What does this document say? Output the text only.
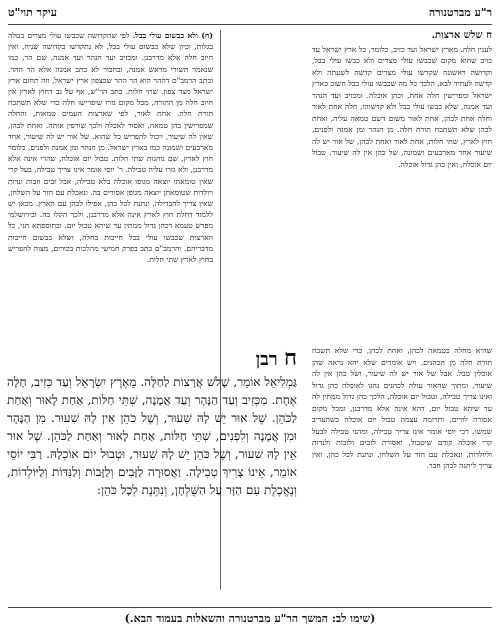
ר"ע מברטנורה
עיקר תוי"ט
ח שלש ארצות.
לענין חלה. מארץ ישראל ועד כזיב, כלומר, כל ארץ ישראל עד כזיב שהוא מקום שכבשו עולי מצרים ולא כבשו עולי בבל, וקדושה ראשונה שקדשו עולי מצרים קדשה לשעתה ולא קדשה לעתיד לבא, הלכך כל מה שכבשו עולי בבל חשוב כארץ ישראל ומפרישין חלה אחת, וכהן אוכלה. ומכזיב ועד הנהר ועד אמנה, שלא כבשו עולי בבל ולא קדשוהו, חלה אחת לאור וחלה אחת לכהן, אחת לאור משום דשם טמאה עליה, ואחת לכהן שלא תשתכח תורת חלה. מן הנהר ומן אמנה ולפנים, חוץ לארץ, שתי חלות, אחת לאור ואחת לכהן, של אור יש לה שיעור אחד מארבעים ושמונה, של כהן אין לה שיעור. טבול יום אוכלה, ואין כהן גדול אוכלה.
(ח) ולא כבשום עולי בבל. לפי שהקדושה שכבשו עולי מצרים בטלה בגלות, וכיון שלא כבשום עולי בבל, לא נתקדשו בקדושה שניה, ואין חיוב חלה אלא מדרבנן. ומכזיב ועד הנהר ועד אמנה, שם הר, כמו שנאמר תשורי מראש אמנה, ובחבור לא כתב אמנה אלא הר ההר. וכתב הרמב"ם דההר הוא הר ההר שבצפון ארץ ישראל, וזה תחום ארץ ישראל מצד צפון. שתי חלות. כתב הר"ש, אף על גב דחוץ לארץ אין חיוב חלה מן התורה, מכל מקום גזרו שיפרישו חלה כדי שלא תשתכח תורת חלה. אחת לאור, לפי שארצות העמים טמאות, והחלה שמפרישין בהן טמאה, ואסור לאכלה ולכך שורפין אותה. ואחת לכהן, שאין לה שיעור, ויכול להפריש כל שהוא. של אור יש לה שיעור, אחד מארבעים ושמונה כמו בארץ ישראל. מן הנהר ומן אמנה ולפנים, כלומר חוץ לארץ, שם נוהגות שתי חלות. טבול יום אוכלה, שהרי אינה אלא מדרבנן, ולא גזרו עליה טבילה. ר' יוסי אומר אינו צריך טבילה, בעל קרי שאין טומאתו יוצאה מגופו אוכלה בלא טבילה, אבל זבים וזבות ונדות ויולדות שטומאתן יוצאה מגופן אסורים בה. ונאכלת עם הזר על השלחן, שאין צריך להבדילה, ונתנת לכל כהן, אפילו לכהן עם הארץ. מכאן יש ללמוד דחלת חוץ לארץ אינה אלא מדרבנן, ולכך הקלו בה. ובירושלמי מפרש טעמא דכהן גדול ממתין עד שיהא טבול יום. ובתוספתא תני, כל הארצות שכבשו עולי בבל חייבות בחלה, ושלא כבשום חייבות מדבריהם. והרמב"ם כתב בפרק חמישי מהלכות בכורים, מצוה להפריש בחוץ לארץ שתי חלות.
שהיא מחלה כטמאה לכהן, ואחת לכהן, כדי שלא תשכח תורת חלה מן הכהנים. ויש אומרים שלא יהא נראה שהן אוכלין טבל. אבל של אור יש לה שיעור, ושל כהן אין לה שיעור, ומתוך שהאור עולה לכהנים נהגו לאוכלה כהן גדול ואינו צריך טבילה, וטבול יום אוכלה, הלכך כהן גדול ממתין לה עד שיהא טבול יום, דהא אינה אלא מדרבנן, ומכל מקום אסורה לזרים, ותרומה עצמה טבול יום אוכלה כשהעריב שמשו. רבי יוסי אומר אינו צריך טבילה, ומהני טבילה לבעל קרי אוכלה קודם שיטבול, ואסורה לזבים ולזבות ולנדות וליולדות, ונאכלת עם הזר על השלחן, ונתנת לכל כהן, ואין צריך ליתנה לכהן חבר.
ח רבן
גַּמְלִיאֵל אוֹמֵר, שָׁלֹשׁ אֲרָצוֹת לַחַלָּה. מֵאֶרֶץ יִשְׂרָאֵל וְעַד כְּזִיב, חַלָּה אֶחָת. מִכְּזִיב וְעַד הַנָּהָר וְעַד אֲמָנָה, שְׁתֵּי חַלּוֹת, אַחַת לָאוּר וְאַחַת לַכֹּהֵן. שֶׁל אוּר יֵשׁ לָהּ שִׁעוּר, וְשֶׁל כֹּהֵן אֵין לָהּ שִׁעוּר. מִן הַנָּהָר וּמִן אֲמָנָה וְלִפְנִים, שְׁתֵּי חַלּוֹת, אַחַת לָאוּר וְאַחַת לַכֹּהֵן. שֶׁל אוּר אֵין לָהּ שִׁעוּר, וְשֶׁל כֹּהֵן יֵשׁ לָהּ שִׁעוּר, וּטְבוּל יוֹם אוֹכְלָהּ. רַבִּי יוֹסֵי אוֹמֵר, אֵינוֹ צָרִיךְ טְבִילָה. וַאֲסוּרָה לַזָּבִים וְלַזָּבוֹת וְלַנִּדּוֹת וְלַיּוֹלְדוֹת, וְנֶאֱכֶלֶת עִם הַזָּר עַל הַשֻּׁלְחָן, וְנִתֶּנֶת לְכָל כֹּהֵן:
(שימו לב: המשך הר"ע מברטנורה והשאלות בעמוד הבא.)
